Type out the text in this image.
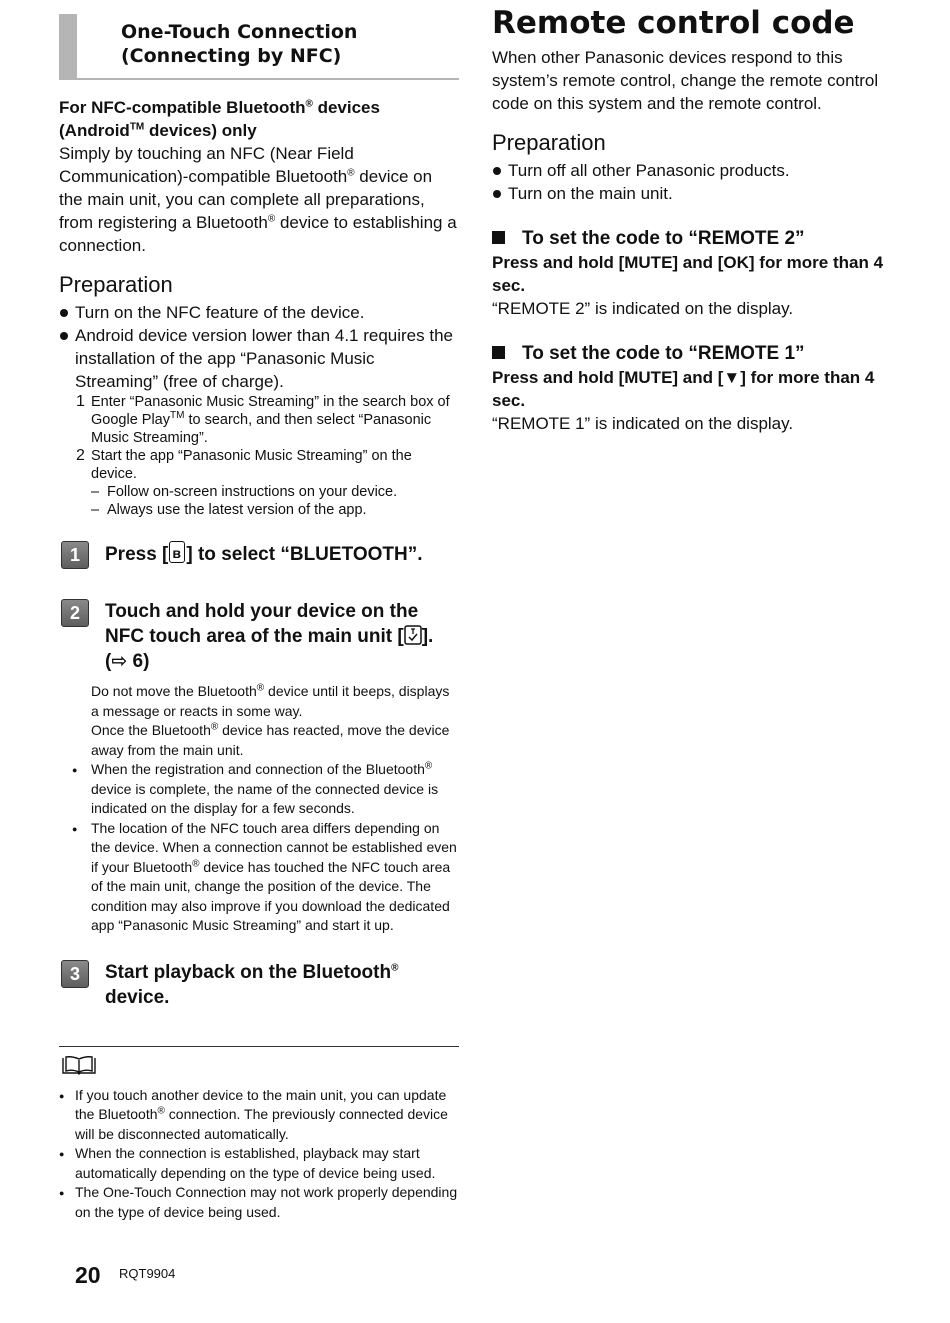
One-Touch Connection
(Connecting by NFC)
For NFC-compatible Bluetooth® devices
(Android™ devices) only
Simply by touching an NFC (Near Field Communication)-compatible Bluetooth® device on the main unit, you can complete all preparations, from registering a Bluetooth® device to establishing a connection.
Preparation
Turn on the NFC feature of the device.
Android device version lower than 4.1 requires the installation of the app “Panasonic Music Streaming” (free of charge).
1 Enter “Panasonic Music Streaming” in the search box of Google Play™ to search, and then select “Panasonic Music Streaming”.
2 Start the app “Panasonic Music Streaming” on the device.
– Follow on-screen instructions on your device.
– Always use the latest version of the app.
1	Press [ʙ ] to select “BLUETOOTH”.
2	Touch and hold your device on the NFC touch area of the main unit [ ]. (⇨ 6)
Do not move the Bluetooth® device until it beeps, displays a message or reacts in some way.
Once the Bluetooth® device has reacted, move the device away from the main unit.
● When the registration and connection of the Bluetooth® device is complete, the name of the connected device is indicated on the display for a few seconds.
● The location of the NFC touch area differs depending on the device. When a connection cannot be established even if your Bluetooth® device has touched the NFC touch area of the main unit, change the position of the device. The condition may also improve if you download the dedicated app “Panasonic Music Streaming” and start it up.
3	Start playback on the Bluetooth®
device.
● If you touch another device to the main unit, you can update the Bluetooth® connection. The previously connected device will be disconnected automatically.
● When the connection is established, playback may start automatically depending on the type of device being used.
● The One-Touch Connection may not work properly depending on the type of device being used.
Remote control code
When other Panasonic devices respond to this system’s remote control, change the remote control code on this system and the remote control.
Preparation
Turn off all other Panasonic products.
Turn on the main unit.
To set the code to “REMOTE 2”
Press and hold [MUTE] and [OK] for more than 4 sec.
“REMOTE 2” is indicated on the display.
To set the code to “REMOTE 1”
Press and hold [MUTE] and [▼] for more than 4 sec.
“REMOTE 1” is indicated on the display.
20 RQT9904
